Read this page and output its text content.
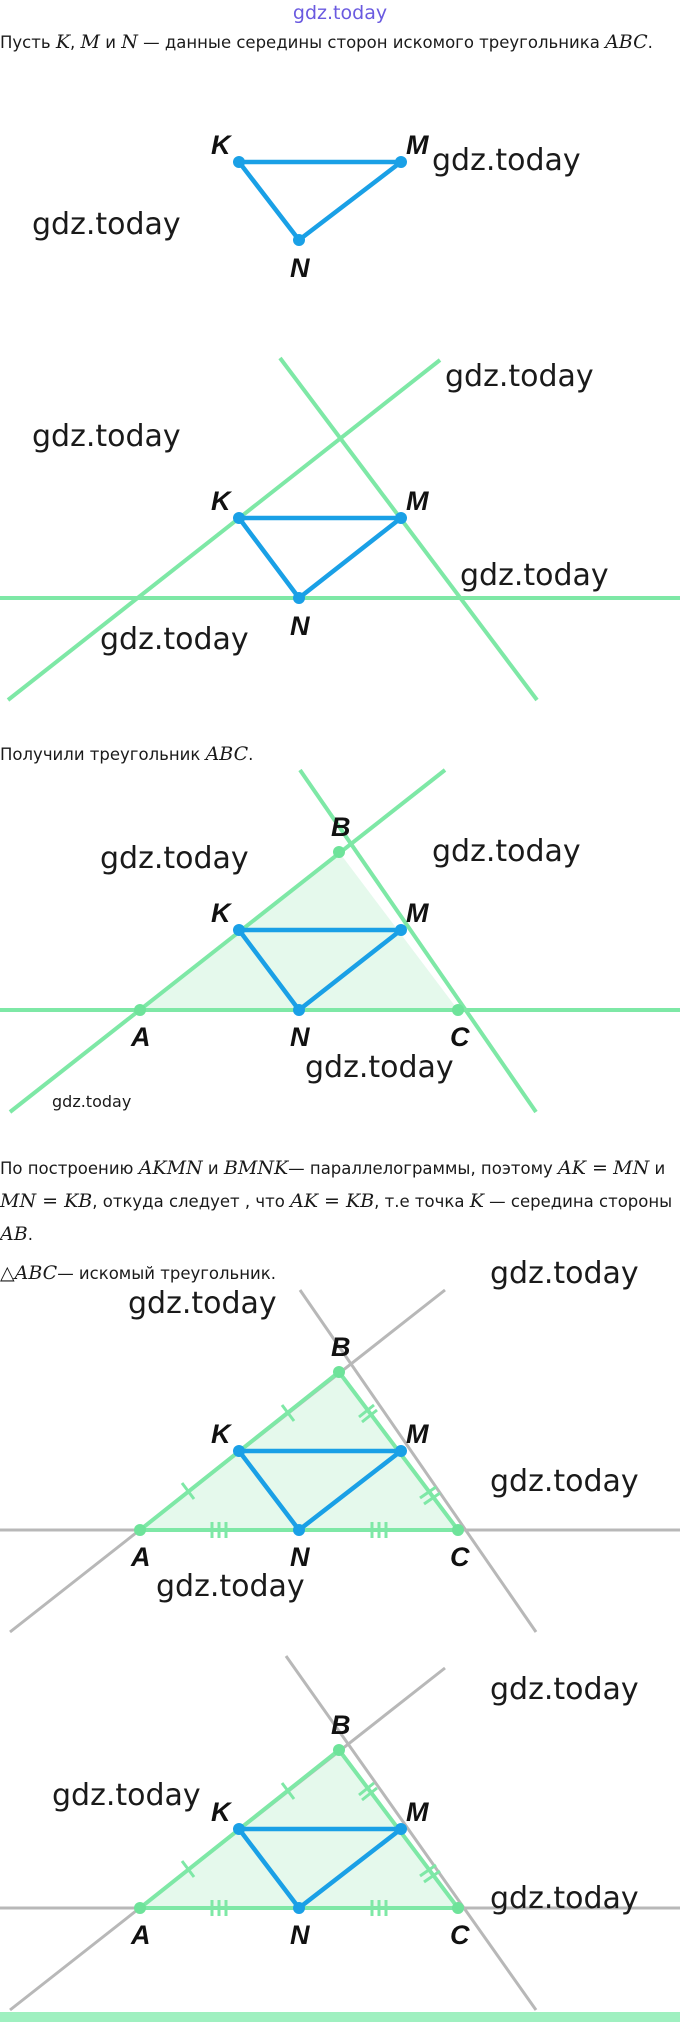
gdz.today
Пусть K, M и N — данные середины сторон искомого треугольника ABC.
K	M
N
gdz.today
gdz.today
K	M
N
gdz.today
gdz.today
gdz.today
gdz.today
Получили треугольник ABC.
A
B
C
K	M
N
gdz.today	gdz.today
gdz.today
gdz.today
По построению AKMN и BMNK— параллелограммы, поэтому AK = MN и MN = KB, откуда следует , что AK = KB, т.е точка K — середина стороны AB.
△ABC— искомый треугольник.
A
B
C
K	M
N
gdz.today
gdz.today
gdz.today
gdz.today
A
B
C
K	M
N
gdz.today
gdz.today
gdz.today
